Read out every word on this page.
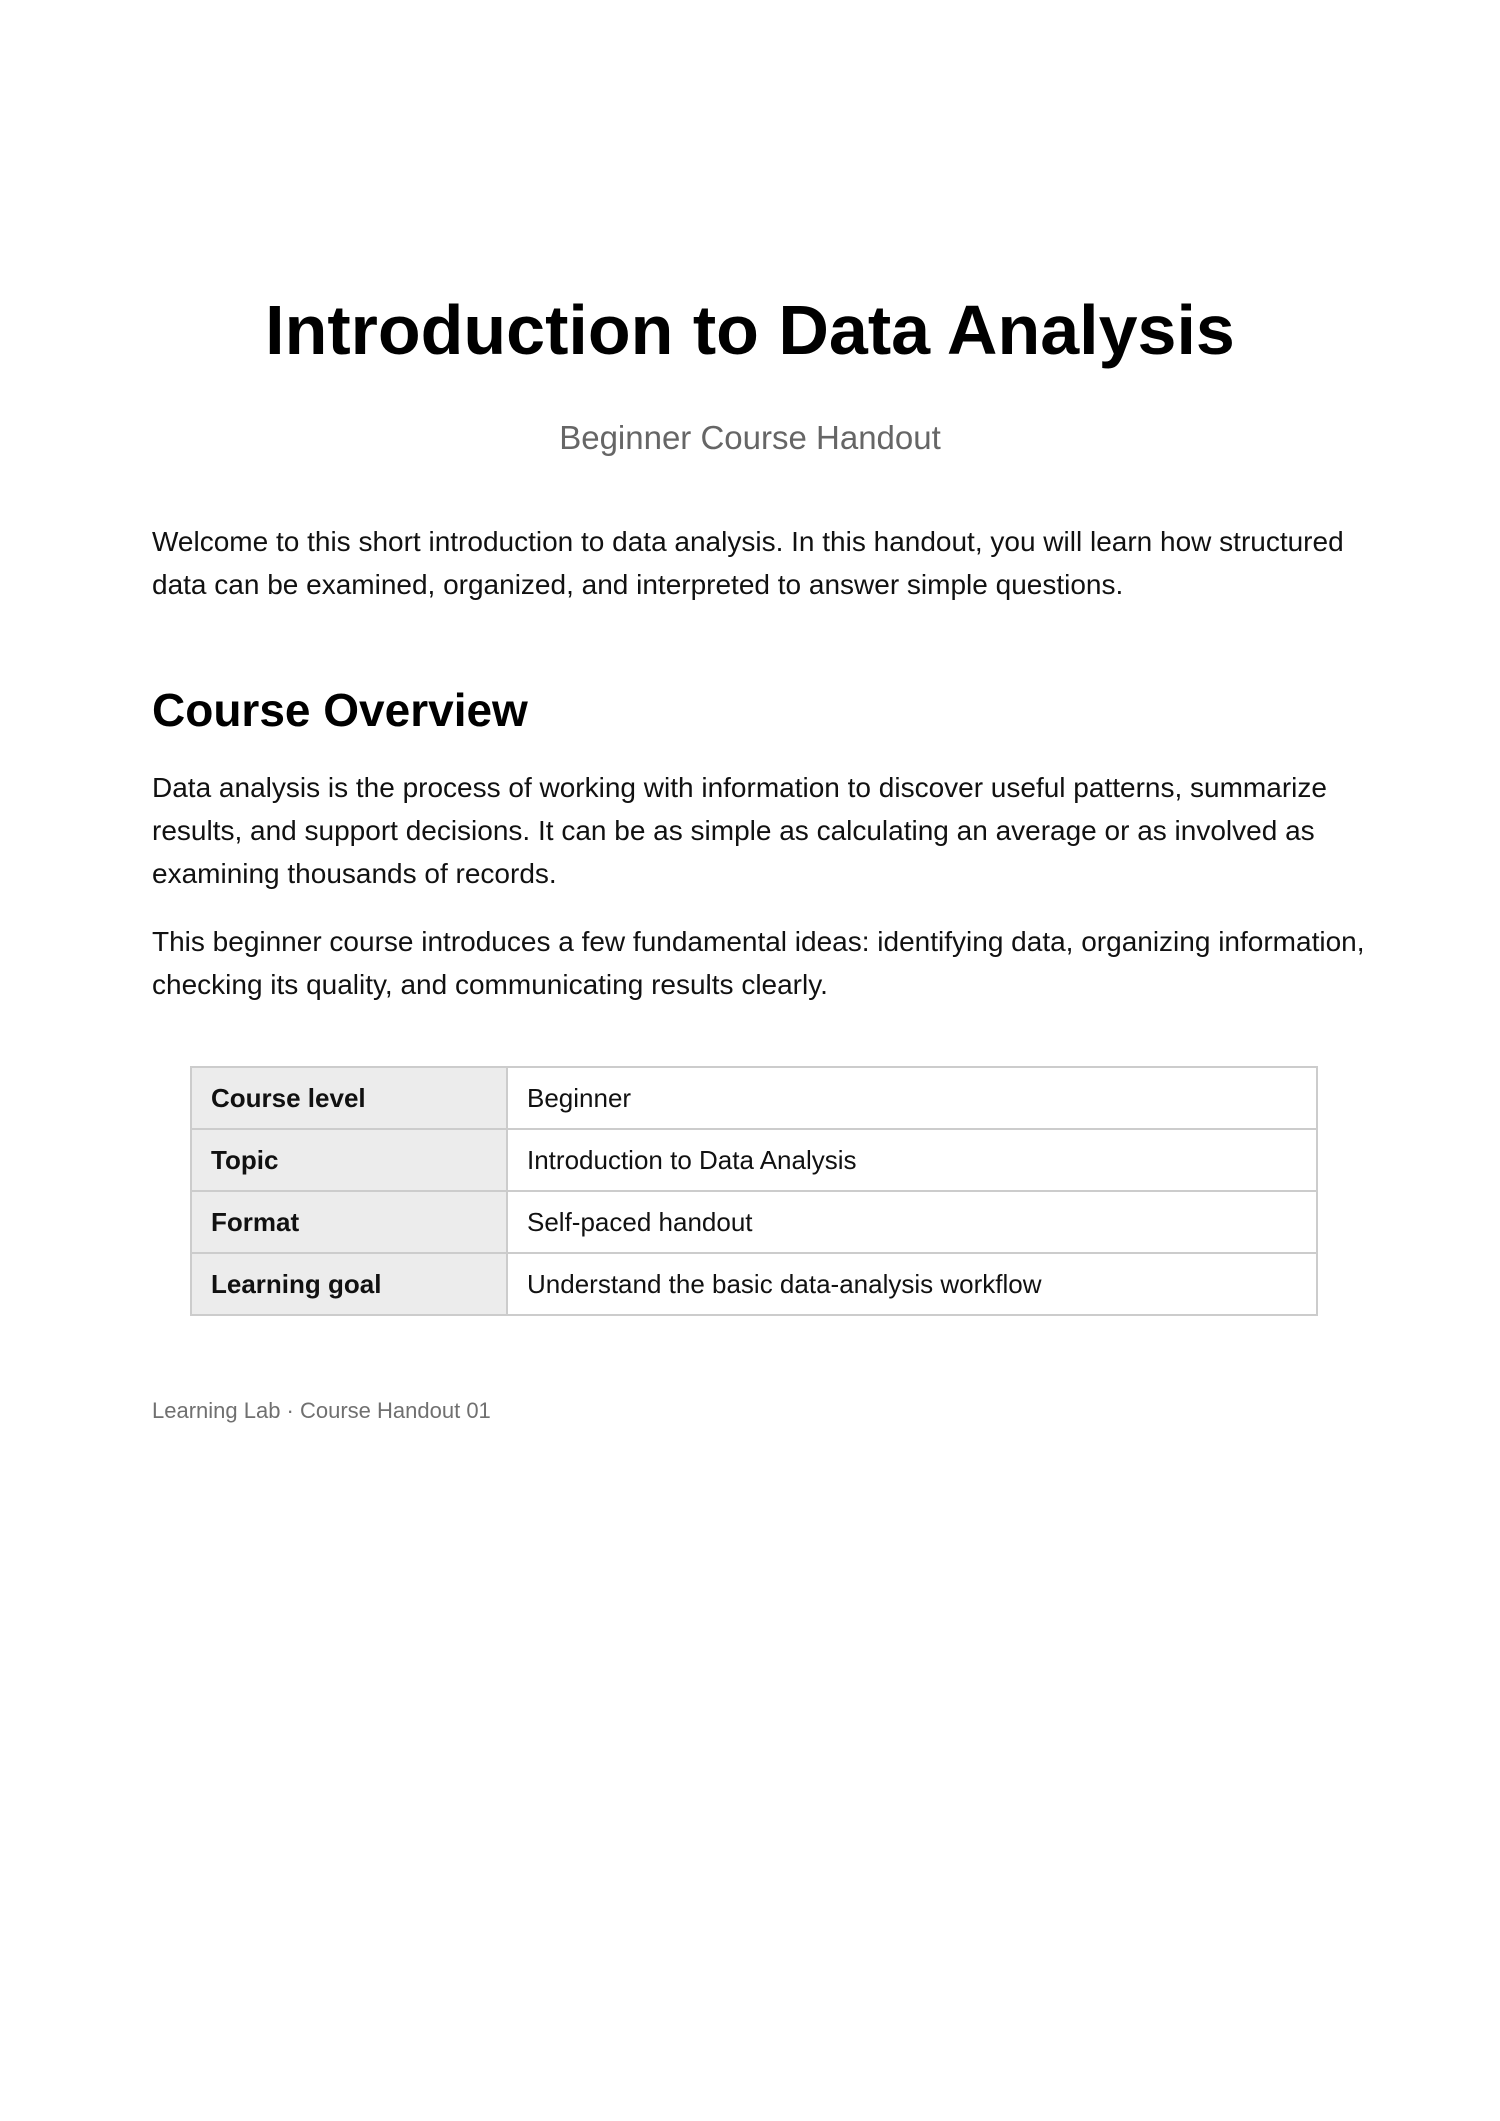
Introduction to Data Analysis

Beginner Course Handout

Welcome to this short introduction to data analysis. In this handout, you will learn how structured data can be examined, organized, and interpreted to answer simple questions.

Course Overview

Data analysis is the process of working with information to discover useful patterns, summarize results, and support decisions. It can be as simple as calculating an average or as involved as examining thousands of records.

This beginner course introduces a few fundamental ideas: identifying data, organizing information, checking its quality, and communicating results clearly.

Course level	Beginner
Topic	Introduction to Data Analysis
Format	Self-paced handout
Learning goal	Understand the basic data-analysis workflow

Learning Lab · Course Handout 01
